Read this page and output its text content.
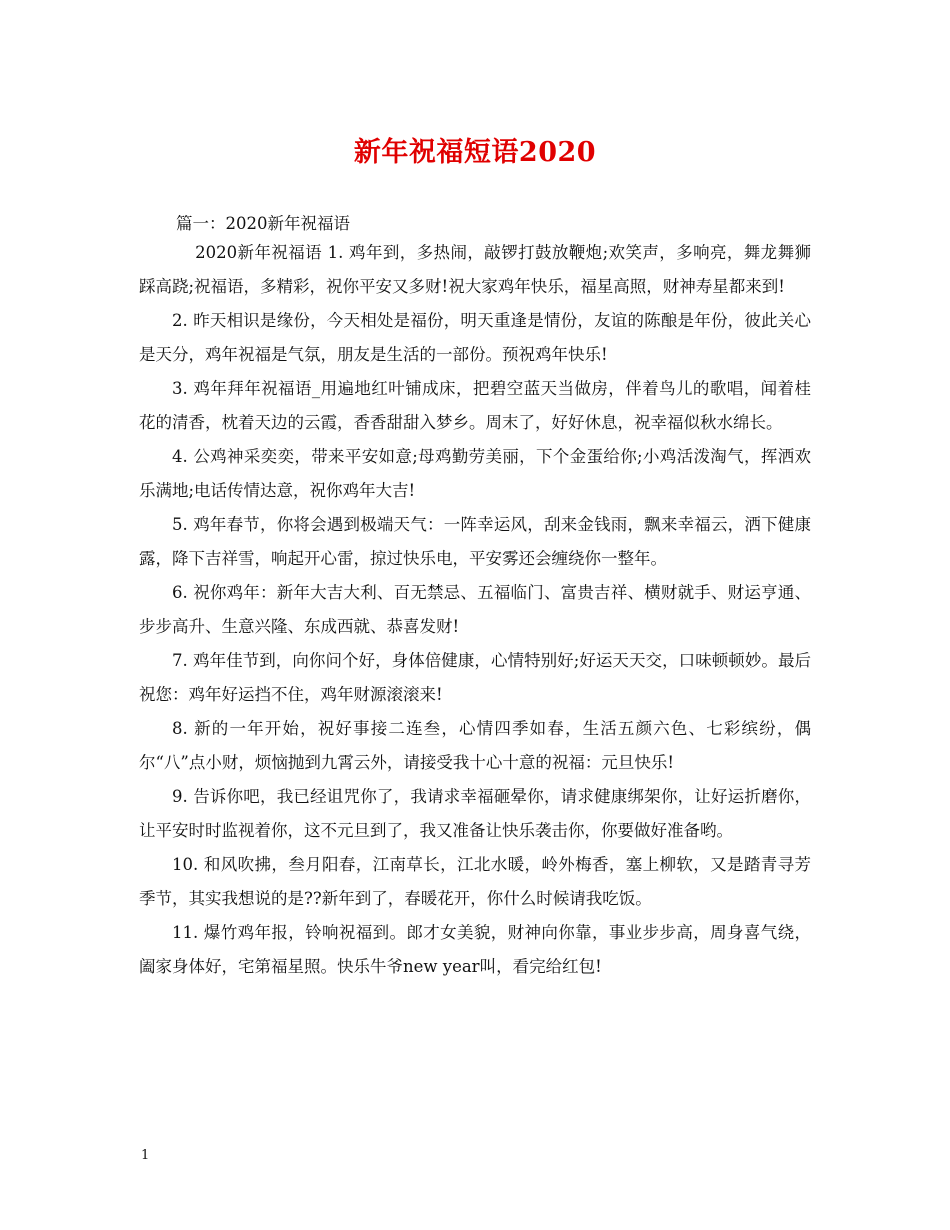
新年祝福短语2020
篇一：2020新年祝福语

2020新年祝福语 1. 鸡年到，多热闹，敲锣打鼓放鞭炮;欢笑声，多响亮，舞龙舞狮踩高跷;祝福语，多精彩，祝你平安又多财!祝大家鸡年快乐，福星高照，财神寿星都来到!

2. 昨天相识是缘份，今天相处是福份，明天重逢是情份，友谊的陈酿是年份，彼此关心是天分，鸡年祝福是气氛，朋友是生活的一部份。预祝鸡年快乐!

3. 鸡年拜年祝福语_用遍地红叶铺成床，把碧空蓝天当做房，伴着鸟儿的歌唱，闻着桂花的清香，枕着天边的云霞，香香甜甜入梦乡。周末了，好好休息，祝幸福似秋水绵长。

4. 公鸡神采奕奕，带来平安如意;母鸡勤劳美丽，下个金蛋给你;小鸡活泼淘气，挥洒欢乐满地;电话传情达意，祝你鸡年大吉!

5. 鸡年春节，你将会遇到极端天气：一阵幸运风，刮来金钱雨，飘来幸福云，洒下健康露，降下吉祥雪，响起开心雷，掠过快乐电，平安雾还会缠绕你一整年。

6. 祝你鸡年：新年大吉大利、百无禁忌、五福临门、富贵吉祥、横财就手、财运亨通、步步高升、生意兴隆、东成西就、恭喜发财!

7. 鸡年佳节到，向你问个好，身体倍健康，心情特别好;好运天天交，口味顿顿妙。最后祝您：鸡年好运挡不住，鸡年财源滚滚来!

8. 新的一年开始，祝好事接二连叁，心情四季如春，生活五颜六色、七彩缤纷，偶尔“八”点小财，烦恼抛到九霄云外，请接受我十心十意的祝福：元旦快乐!

9. 告诉你吧，我已经诅咒你了，我请求幸福砸晕你，请求健康绑架你，让好运折磨你，让平安时时监视着你，这不元旦到了，我又准备让快乐袭击你，你要做好准备哟。

10. 和风吹拂，叁月阳春，江南草长，江北水暖，岭外梅香，塞上柳软，又是踏青寻芳季节，其实我想说的是??新年到了，春暖花开，你什么时候请我吃饭。

11. 爆竹鸡年报，铃响祝福到。郎才女美貌，财神向你靠，事业步步高，周身喜气绕，阖家身体好，宅第福星照。快乐牛爷new year叫，看完给红包!

1
